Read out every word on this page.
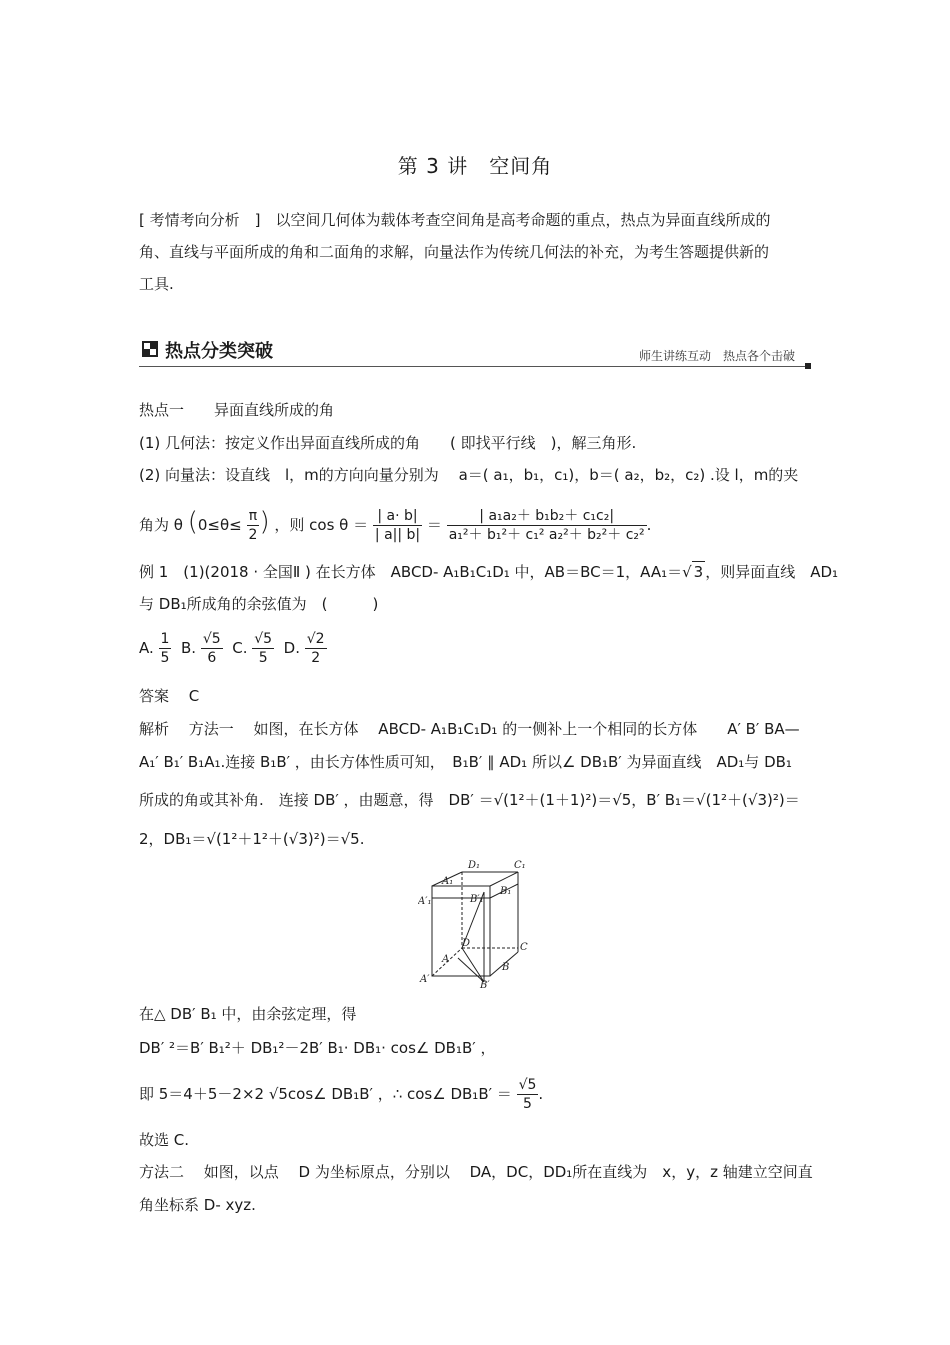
第 3 讲　空间角
[ 考情考向分析　]　以空间几何体为载体考查空间角是高考命题的重点，热点为异面直线所成的角、直线与平面所成的角和二面角的求解，向量法作为传统几何法的补充，为考生答题提供新的工具.
热点分类突破	师生讲练互动　热点各个击破
热点一　　异面直线所成的角
(1) 几何法：按定义作出异面直线所成的角　　( 即找平行线　)，解三角形.
(2) 向量法：设直线　l，m的方向向量分别为　 a＝( a₁，b₁，c₁)，b＝( a₂，b₂，c₂) .设 l，m的夹
角为 θ ($0\le\theta\le \frac{\pi}{2}$ ) ，则 $\cos \theta = \frac{| a\cdot b|}{| a|| b|} = \frac{\text{| a₁a₂＋ b₁b₂＋ c₁c₂|}}{\text{a₁²＋ b₁²＋ c₁² a₂²＋ b₂²＋ c₂²}}$ .
例 1　(1)(2018 · 全国Ⅱ ) 在长方体　ABCD- A₁B₁C₁D₁ 中，AB＝BC＝1，AA₁＝√ 3 ，则异面直线　AD₁
与 DB₁所成角的余弦值为　(　　　)
A. $\frac{1}{5} B$. $\frac{√5}{6} C$. $\frac{√5}{5} D$. $\frac{√2}{2}$
答案　 C
解析　 方法一　 如图，在长方体　 ABCD- A₁B₁C₁D₁ 的一侧补上一个相同的长方体　　A′ B′ BA—
A₁′ B₁′ B₁A₁.连接 B₁B′ ，由长方体性质可知，　B₁B′ ∥ AD₁ 所以∠ DB₁B′ 为异面直线　AD₁与 DB₁
所成的角或其补角.　连接 DB′ ，由题意，得　DB′ ＝√(1²＋(1＋1)²)＝√5，B′ B₁＝√(1²＋(√3)²)＝
2，DB₁＝√(1²＋1²＋(√3)²)＝√5.
D₁	C₁
A₁
B₁
A′₁	B′₁
D	C
A
B
A′
B′
在△ DB′ B₁ 中，由余弦定理，得
DB′ ²＝B′ B₁²＋ DB₁²－2B′ B₁· DB₁· cos∠ DB₁B′ ，
即 5＝4＋5－2×2 √5cos∠ DB₁B′ ，∴ cos∠ $DB_1B' = \frac{√5}{5}$ .
故选 C.
方法二　 如图，以点　 D 为坐标原点，分别以　 DA，DC，DD₁所在直线为　x，y，z 轴建立空间直
角坐标系 D- xyz.
